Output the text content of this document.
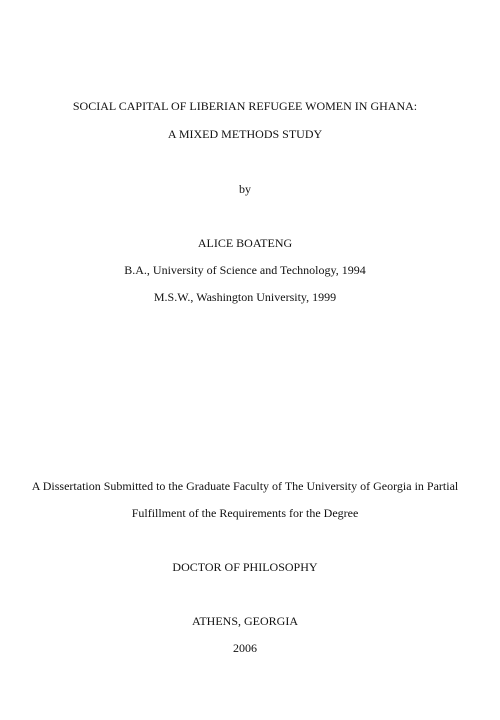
SOCIAL CAPITAL OF LIBERIAN REFUGEE WOMEN IN GHANA:
A MIXED METHODS STUDY
by
ALICE BOATENG
B.A., University of Science and Technology, 1994
M.S.W., Washington University, 1999
A Dissertation Submitted to the Graduate Faculty of The University of Georgia in Partial
Fulfillment of the Requirements for the Degree
DOCTOR OF PHILOSOPHY
ATHENS, GEORGIA
2006
